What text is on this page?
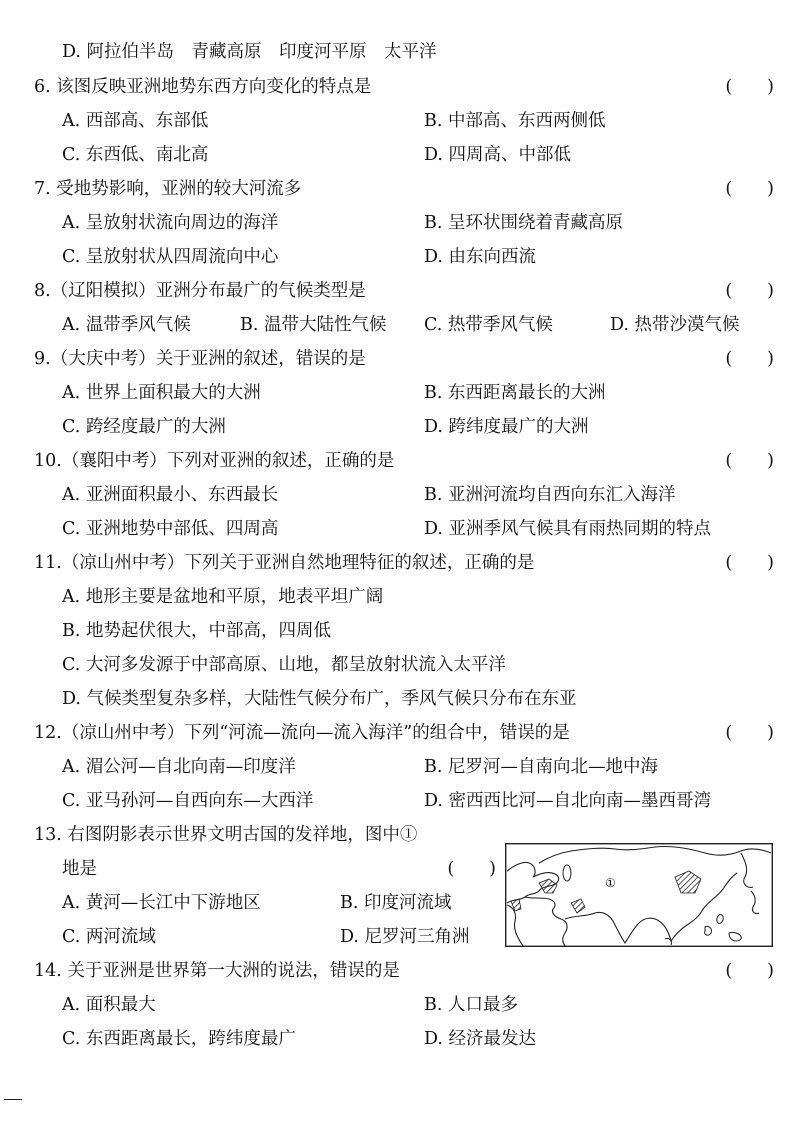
D. 阿拉伯半岛　青藏高原　印度河平原　太平洋
6. 该图反映亚洲地势东西方向变化的特点是	(　　)
A. 西部高、东部低	B. 中部高、东西两侧低
C. 东西低、南北高	D. 四周高、中部低
7. 受地势影响，亚洲的较大河流多	(　　)
A. 呈放射状流向周边的海洋	B. 呈环状围绕着青藏高原
C. 呈放射状从四周流向中心	D. 由东向西流
8.（辽阳模拟）亚洲分布最广的气候类型是	(　　)
A. 温带季风气候	B. 温带大陆性气候 C. 热带季风气候	D. 热带沙漠气候
9.（大庆中考）关于亚洲的叙述，错误的是	(　　)
A. 世界上面积最大的大洲	B. 东西距离最长的大洲
C. 跨经度最广的大洲	D. 跨纬度最广的大洲
10.（襄阳中考）下列对亚洲的叙述，正确的是	(　　)
A. 亚洲面积最小、东西最长	B. 亚洲河流均自西向东汇入海洋
C. 亚洲地势中部低、四周高	D. 亚洲季风气候具有雨热同期的特点
11.（凉山州中考）下列关于亚洲自然地理特征的叙述，正确的是	(　　)
A. 地形主要是盆地和平原，地表平坦广阔
B. 地势起伏很大，中部高，四周低
C. 大河多发源于中部高原、山地，都呈放射状流入太平洋
D. 气候类型复杂多样，大陆性气候分布广，季风气候只分布在东亚
12.（凉山州中考）下列“河流—流向—流入海洋”的组合中，错误的是	(　　)
A. 湄公河—自北向南—印度洋	B. 尼罗河—自南向北—地中海
C. 亚马孙河—自西向东—大西洋	D. 密西西比河—自北向南—墨西哥湾
13. 右图阴影表示世界文明古国的发祥地，图中①
地是	(　　)
A. 黄河—长江中下游地区	B. 印度河流域
C. 两河流域	D. 尼罗河三角洲
①
14. 关于亚洲是世界第一大洲的说法，错误的是	(　　)
A. 面积最大	B. 人口最多
C. 东西距离最长，跨纬度最广	D. 经济最发达
